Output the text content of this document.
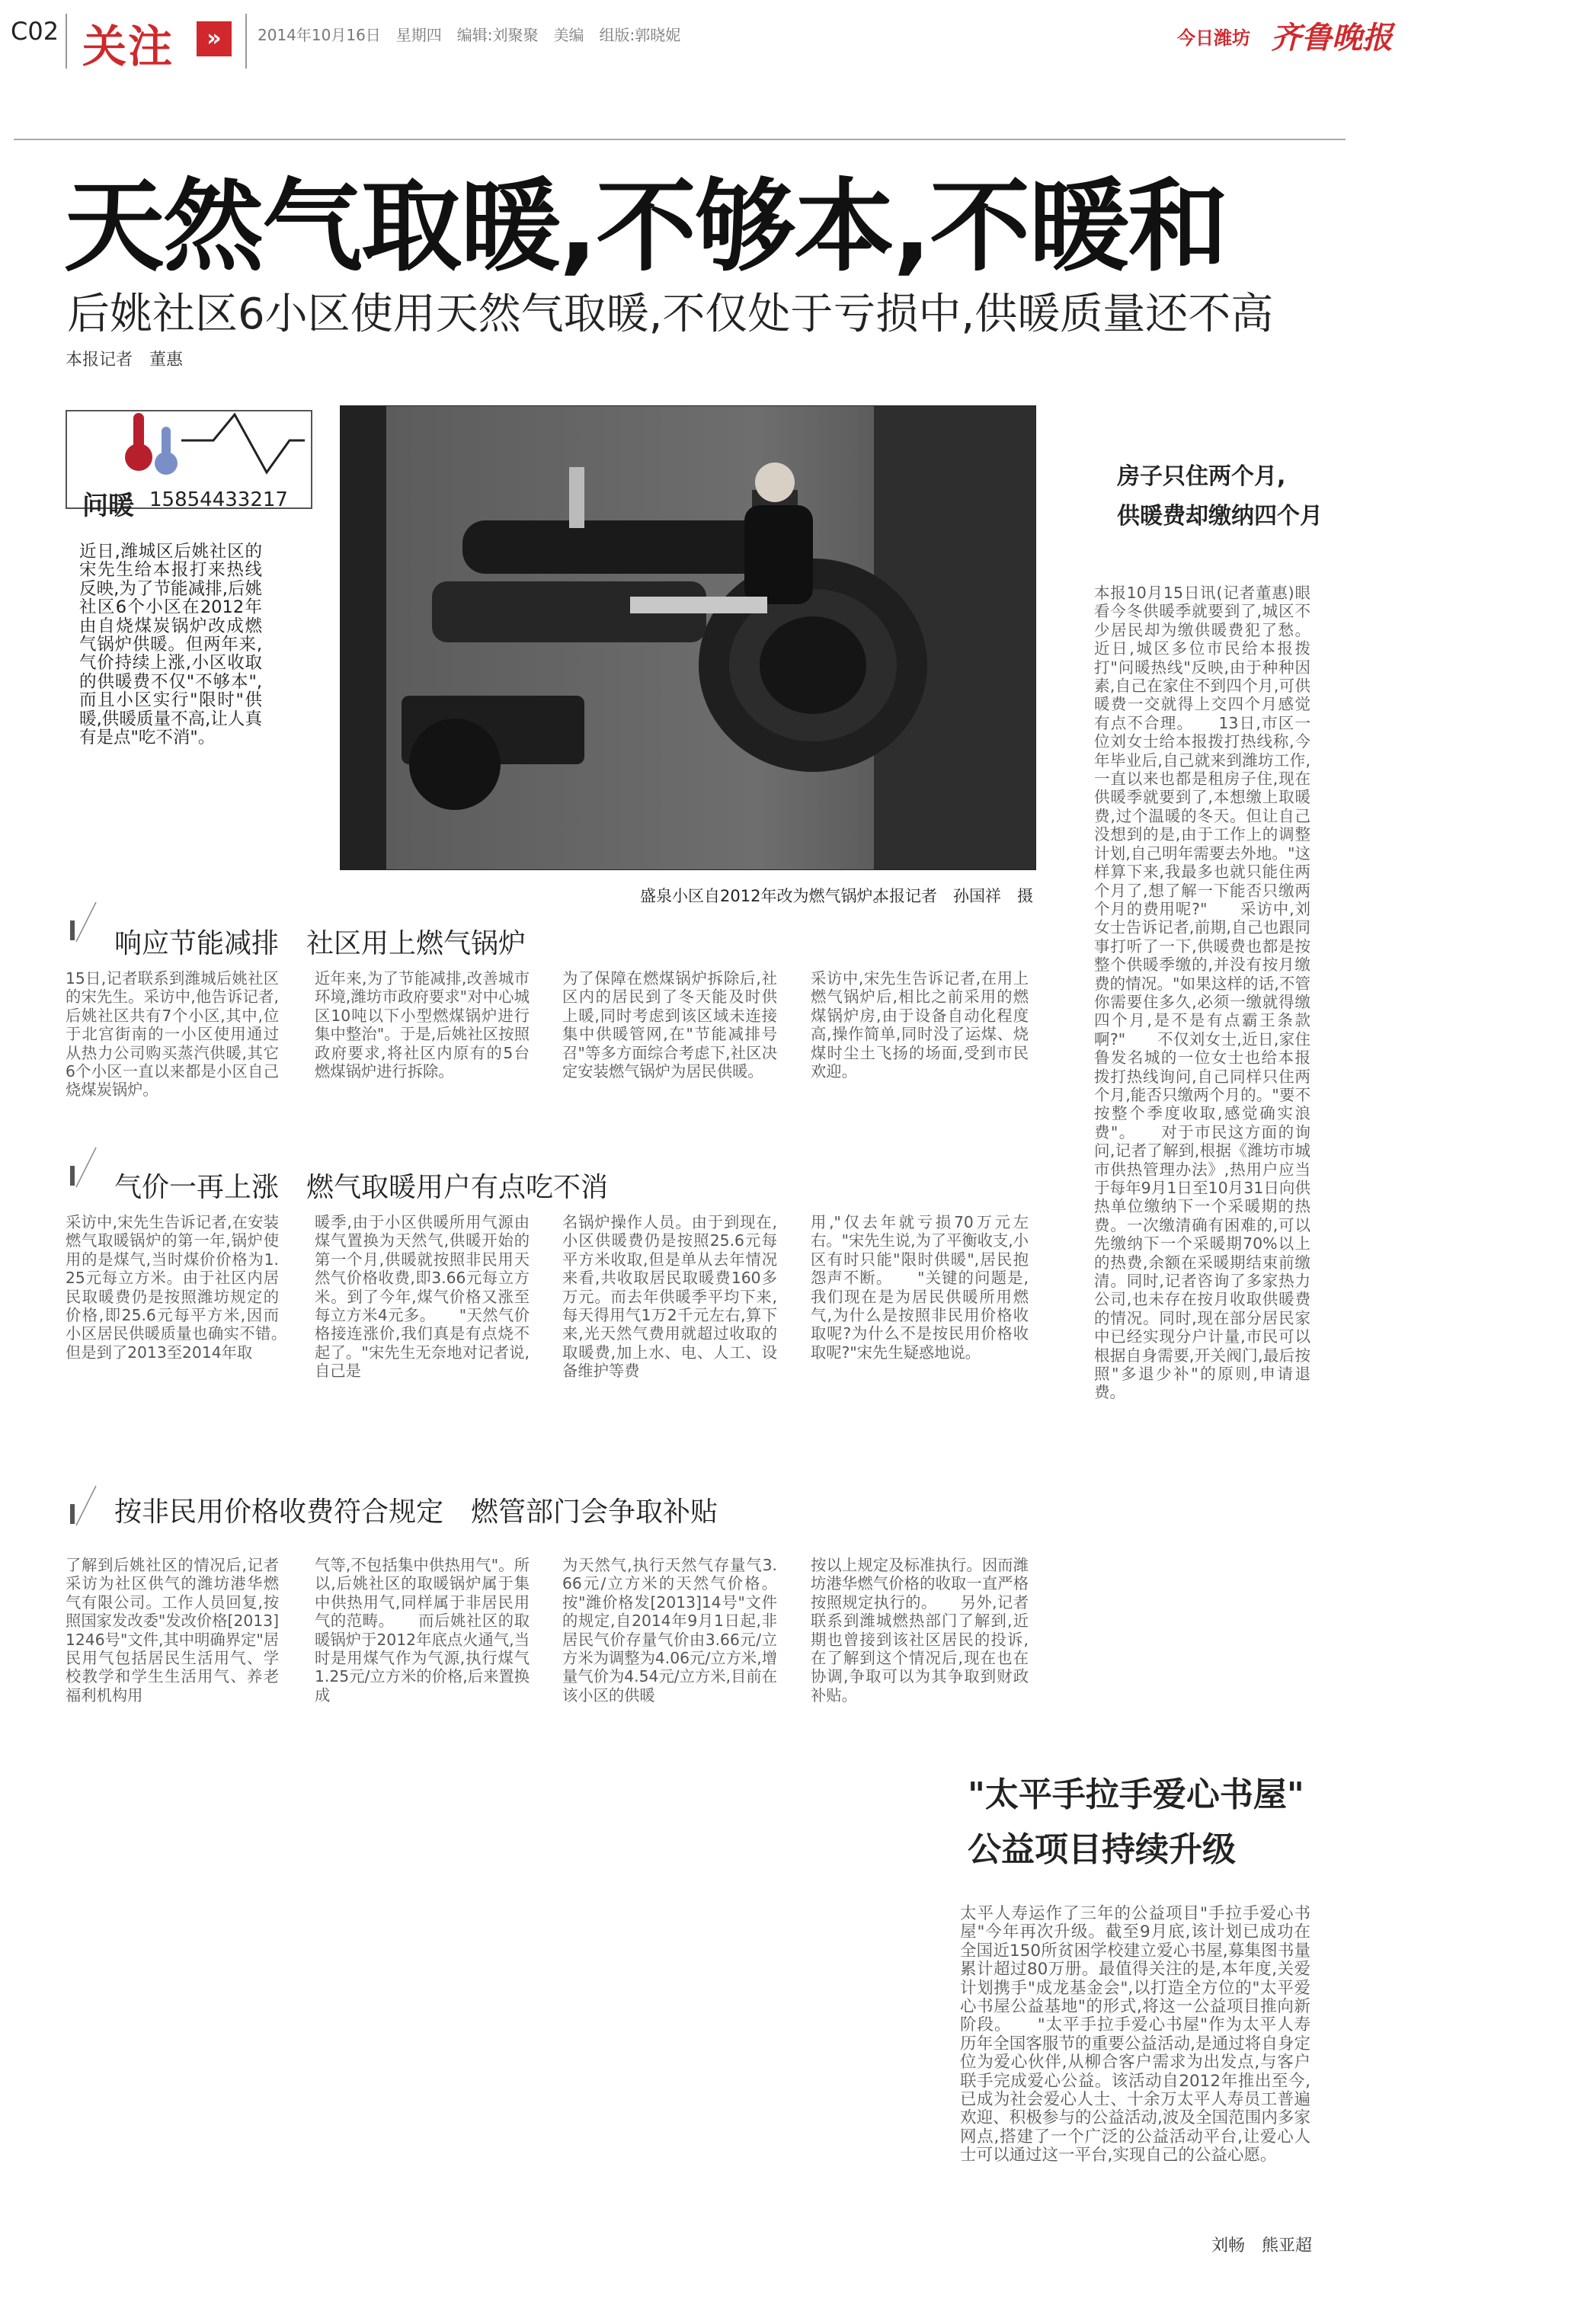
C02 关注	»	2014年10月16日　星期四　编辑:刘聚聚　美编　组版:郭晓妮	今日潍坊 齐鲁晚报
天然气取暖,不够本,不暖和
后姚社区6小区使用天然气取暖,不仅处于亏损中,供暖质量还不高
本报记者　董惠
问暖 15854433217
近日,潍城区后姚社区的宋先生给本报打来热线反映,为了节能减排,后姚社区6个小区在2012年由自烧煤炭锅炉改成燃气锅炉供暖。但两年来,气价持续上涨,小区收取的供暖费不仅"不够本",而且小区实行"限时"供暖,供暖质量不高,让人真有是点"吃不消"。
盛泉小区自2012年改为燃气锅炉。
本报记者　孙国祥　摄
响应节能减排　社区用上燃气锅炉
15日,记者联系到潍城后姚社区的宋先生。采访中,他告诉记者,后姚社区共有7个小区,其中,位于北宫街南的一小区使用通过从热力公司购买蒸汽供暖,其它6个小区一直以来都是小区自己烧煤炭锅炉。
近年来,为了节能减排,改善城市环境,潍坊市政府要求"对中心城区10吨以下小型燃煤锅炉进行集中整治"。于是,后姚社区按照政府要求,将社区内原有的5台燃煤锅炉进行拆除。
为了保障在燃煤锅炉拆除后,社区内的居民到了冬天能及时供上暖,同时考虑到该区域未连接集中供暖管网,在"节能减排号召"等多方面综合考虑下,社区决定安装燃气锅炉为居民供暖。
采访中,宋先生告诉记者,在用上燃气锅炉后,相比之前采用的燃煤锅炉房,由于设备自动化程度高,操作简单,同时没了运煤、烧煤时尘土飞扬的场面,受到市民欢迎。
气价一再上涨　燃气取暖用户有点吃不消
采访中,宋先生告诉记者,在安装燃气取暖锅炉的第一年,锅炉使用的是煤气,当时煤价价格为1.25元每立方米。由于社区内居民取暖费仍是按照潍坊规定的价格,即25.6元每平方米,因而小区居民供暖质量也确实不错。　　但是到了2013至2014年取
暖季,由于小区供暖所用气源由煤气置换为天然气,供暖开始的第一个月,供暖就按照非民用天然气价格收费,即3.66元每立方米。到了今年,煤气价格又涨至每立方米4元多。　　"天然气价格接连涨价,我们真是有点烧不起了。"宋先生无奈地对记者说,自己是
名锅炉操作人员。由于到现在,小区供暖费仍是按照25.6元每平方米收取,但是单从去年情况来看,共收取居民取暖费160多万元。而去年供暖季平均下来,每天得用气1万2千元左右,算下来,光天然气费用就超过收取的取暖费,加上水、电、人工、设备维护等费
用,"仅去年就亏损70万元左右。"宋先生说,为了平衡收支,小区有时只能"限时供暖",居民抱怨声不断。　　"关键的问题是,我们现在是为居民供暖所用燃气,为什么是按照非民用价格收取呢?为什么不是按民用价格收取呢?"宋先生疑惑地说。
按非民用价格收费符合规定　燃管部门会争取补贴
了解到后姚社区的情况后,记者采访为社区供气的潍坊港华燃气有限公司。工作人员回复,按照国家发改委"发改价格[2013]1246号"文件,其中明确界定"居民用气包括居民生活用气、学校教学和学生生活用气、养老福利机构用
气等,不包括集中供热用气"。所以,后姚社区的取暖锅炉属于集中供热用气,同样属于非居民用气的范畴。　　而后姚社区的取暖锅炉于2012年底点火通气,当时是用煤气作为气源,执行煤气1.25元/立方米的价格,后来置换成
为天然气,执行天然气存量气3.66元/立方米的天然气价格。按"潍价格发[2013]14号"文件的规定,自2014年9月1日起,非居民气价存量气价由3.66元/立方米为调整为4.06元/立方米,增量气价为4.54元/立方米,目前在该小区的供暖
按以上规定及标准执行。因而潍坊港华燃气价格的收取一直严格按照规定执行的。　　另外,记者联系到潍城燃热部门了解到,近期也曾接到该社区居民的投诉,在了解到这个情况后,现在也在协调,争取可以为其争取到财政补贴。
房子只住两个月,
供暖费却缴纳四个月
本报10月15日讯(记者董惠)眼看今冬供暖季就要到了,城区不少居民却为缴供暖费犯了愁。近日,城区多位市民给本报拨打"问暖热线"反映,由于种种因素,自己在家住不到四个月,可供暖费一交就得上交四个月感觉有点不合理。　　13日,市区一位刘女士给本报拨打热线称,今年毕业后,自己就来到潍坊工作,一直以来也都是租房子住,现在供暖季就要到了,本想缴上取暖费,过个温暖的冬天。但让自己没想到的是,由于工作上的调整计划,自己明年需要去外地。"这样算下来,我最多也就只能住两个月了,想了解一下能否只缴两个月的费用呢?"　　采访中,刘女士告诉记者,前期,自己也跟同事打听了一下,供暖费也都是按整个供暖季缴的,并没有按月缴费的情况。"如果这样的话,不管你需要住多久,必须一缴就得缴四个月,是不是有点霸王条款啊?"　　不仅刘女士,近日,家住鲁发名城的一位女士也给本报拨打热线询问,自己同样只住两个月,能否只缴两个月的。"要不按整个季度收取,感觉确实浪费"。　　对于市民这方面的询问,记者了解到,根据《潍坊市城市供热管理办法》,热用户应当于每年9月1日至10月31日向供热单位缴纳下一个采暖期的热费。一次缴清确有困难的,可以先缴纳下一个采暖期70%以上的热费,余额在采暖期结束前缴清。同时,记者咨询了多家热力公司,也未存在按月收取供暖费的情况。同时,现在部分居民家中已经实现分户计量,市民可以根据自身需要,开关阀门,最后按照"多退少补"的原则,申请退费。
"太平手拉手爱心书屋"
公益项目持续升级
太平人寿运作了三年的公益项目"手拉手爱心书屋"今年再次升级。截至9月底,该计划已成功在全国近150所贫困学校建立爱心书屋,募集图书量累计超过80万册。最值得关注的是,本年度,关爱计划携手"成龙基金会",以打造全方位的"太平爱心书屋公益基地"的形式,将这一公益项目推向新阶段。　　"太平手拉手爱心书屋"作为太平人寿历年全国客服节的重要公益活动,是通过将自身定位为爱心伙伴,从柳合客户需求为出发点,与客户联手完成爱心公益。该活动自2012年推出至今,已成为社会爱心人士、十余万太平人寿员工普遍欢迎、积极参与的公益活动,波及全国范围内多家网点,搭建了一个广泛的公益活动平台,让爱心人士可以通过这一平台,实现自己的公益心愿。
刘畅　熊亚超
